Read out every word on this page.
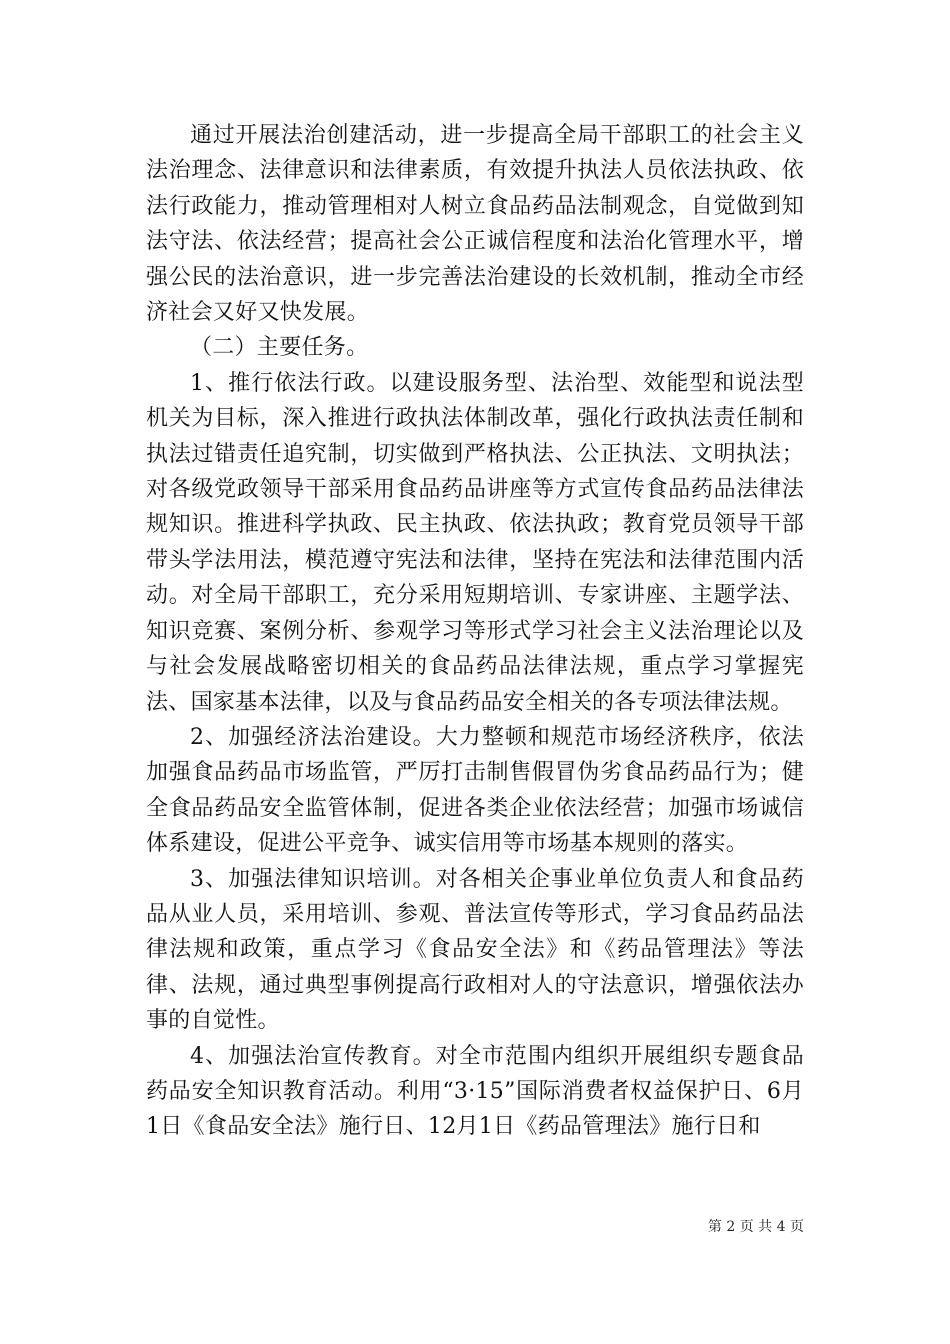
通过开展法治创建活动，进一步提高全局干部职工的社会主义法治理念、法律意识和法律素质，有效提升执法人员依法执政、依法行政能力，推动管理相对人树立食品药品法制观念，自觉做到知法守法、依法经营；提高社会公正诚信程度和法治化管理水平，增强公民的法治意识，进一步完善法治建设的长效机制，推动全市经济社会又好又快发展。

（二）主要任务。

1、推行依法行政。以建设服务型、法治型、效能型和说法型机关为目标，深入推进行政执法体制改革，强化行政执法责任制和执法过错责任追究制，切实做到严格执法、公正执法、文明执法；对各级党政领导干部采用食品药品讲座等方式宣传食品药品法律法规知识。推进科学执政、民主执政、依法执政；教育党员领导干部带头学法用法，模范遵守宪法和法律，坚持在宪法和法律范围内活动。对全局干部职工，充分采用短期培训、专家讲座、主题学法、知识竞赛、案例分析、参观学习等形式学习社会主义法治理论以及与社会发展战略密切相关的食品药品法律法规，重点学习掌握宪法、国家基本法律，以及与食品药品安全相关的各专项法律法规。

2、加强经济法治建设。大力整顿和规范市场经济秩序，依法加强食品药品市场监管，严厉打击制售假冒伪劣食品药品行为；健全食品药品安全监管体制，促进各类企业依法经营；加强市场诚信体系建设，促进公平竞争、诚实信用等市场基本规则的落实。

3、加强法律知识培训。对各相关企事业单位负责人和食品药品从业人员，采用培训、参观、普法宣传等形式，学习食品药品法律法规和政策，重点学习《食品安全法》和《药品管理法》等法律、法规，通过典型事例提高行政相对人的守法意识，增强依法办事的自觉性。

4、加强法治宣传教育。对全市范围内组织开展组织专题食品药品安全知识教育活动。利用“3·15”国际消费者权益保护日、6月1日《食品安全法》施行日、12月1日《药品管理法》施行日和

第 2 页 共 4 页
